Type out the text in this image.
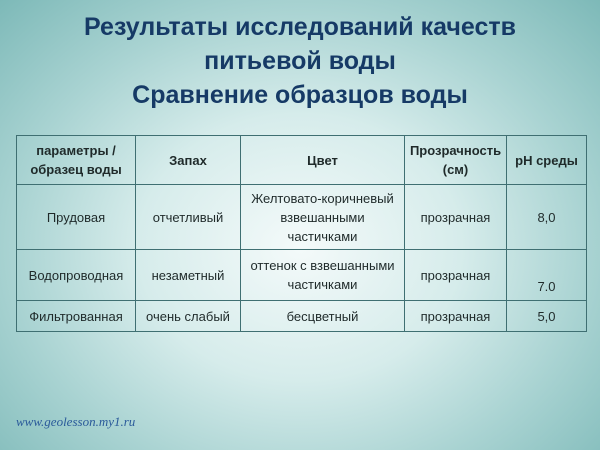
Результаты исследований качеств
питьевой воды
Сравнение образцов воды
параметры / образец воды	Запах	Цвет	Прозрачность (см)	pH среды
Прудовая	отчетливый	Желтовато-коричневый взвешанными частичками	прозрачная	8,0
Водопроводная	незаметный	оттенок с взвешанными частичками	прозрачная	7.0
Фильтрованная	очень слабый	бесцветный	прозрачная	5,0
www.geolesson.my1.ru
